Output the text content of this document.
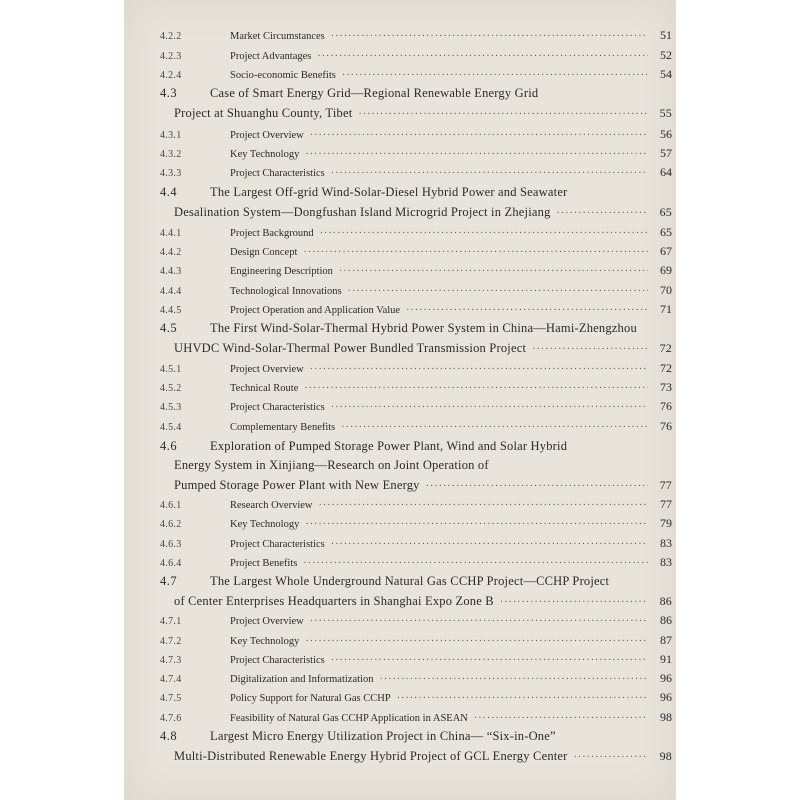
4.2.2	Market Circumstances ·····	51
4.2.3	Project Advantages ·····	52
4.2.4	Socio-economic Benefits ·····	54
4.3	Case of Smart Energy Grid—Regional Renewable Energy Grid
Project at Shuanghu County, Tibet ·····	55
4.3.1	Project Overview ·····	56
4.3.2	Key Technology ·····	57
4.3.3	Project Characteristics ·····	64
4.4	The Largest Off-grid Wind-Solar-Diesel Hybrid Power and Seawater
Desalination System—Dongfushan Island Microgrid Project in Zhejiang ·····	65
4.4.1	Project Background ·····	65
4.4.2	Design Concept ·····	67
4.4.3	Engineering Description ·····	69
4.4.4	Technological Innovations ·····	70
4.4.5	Project Operation and Application Value ·····	71
4.5	The First Wind-Solar-Thermal Hybrid Power System in China—Hami-Zhengzhou
UHVDC Wind-Solar-Thermal Power Bundled Transmission Project ·····	72
4.5.1	Project Overview ·····	72
4.5.2	Technical Route ·····	73
4.5.3	Project Characteristics ·····	76
4.5.4	Complementary Benefits ·····	76
4.6	Exploration of Pumped Storage Power Plant, Wind and Solar Hybrid
Energy System in Xinjiang—Research on Joint Operation of
Pumped Storage Power Plant with New Energy ·····	77
4.6.1	Research Overview ·····	77
4.6.2	Key Technology ·····	79
4.6.3	Project Characteristics ·····	83
4.6.4	Project Benefits ·····	83
4.7	The Largest Whole Underground Natural Gas CCHP Project—CCHP Project
of Center Enterprises Headquarters in Shanghai Expo Zone B ·····	86
4.7.1	Project Overview ·····	86
4.7.2	Key Technology ·····	87
4.7.3	Project Characteristics ·····	91
4.7.4	Digitalization and Informatization ·····	96
4.7.5	Policy Support for Natural Gas CCHP ·····	96
4.7.6	Feasibility of Natural Gas CCHP Application in ASEAN ·····	98
4.8	Largest Micro Energy Utilization Project in China— “Six-in-One”
Multi-Distributed Renewable Energy Hybrid Project of GCL Energy Center ·····	98
